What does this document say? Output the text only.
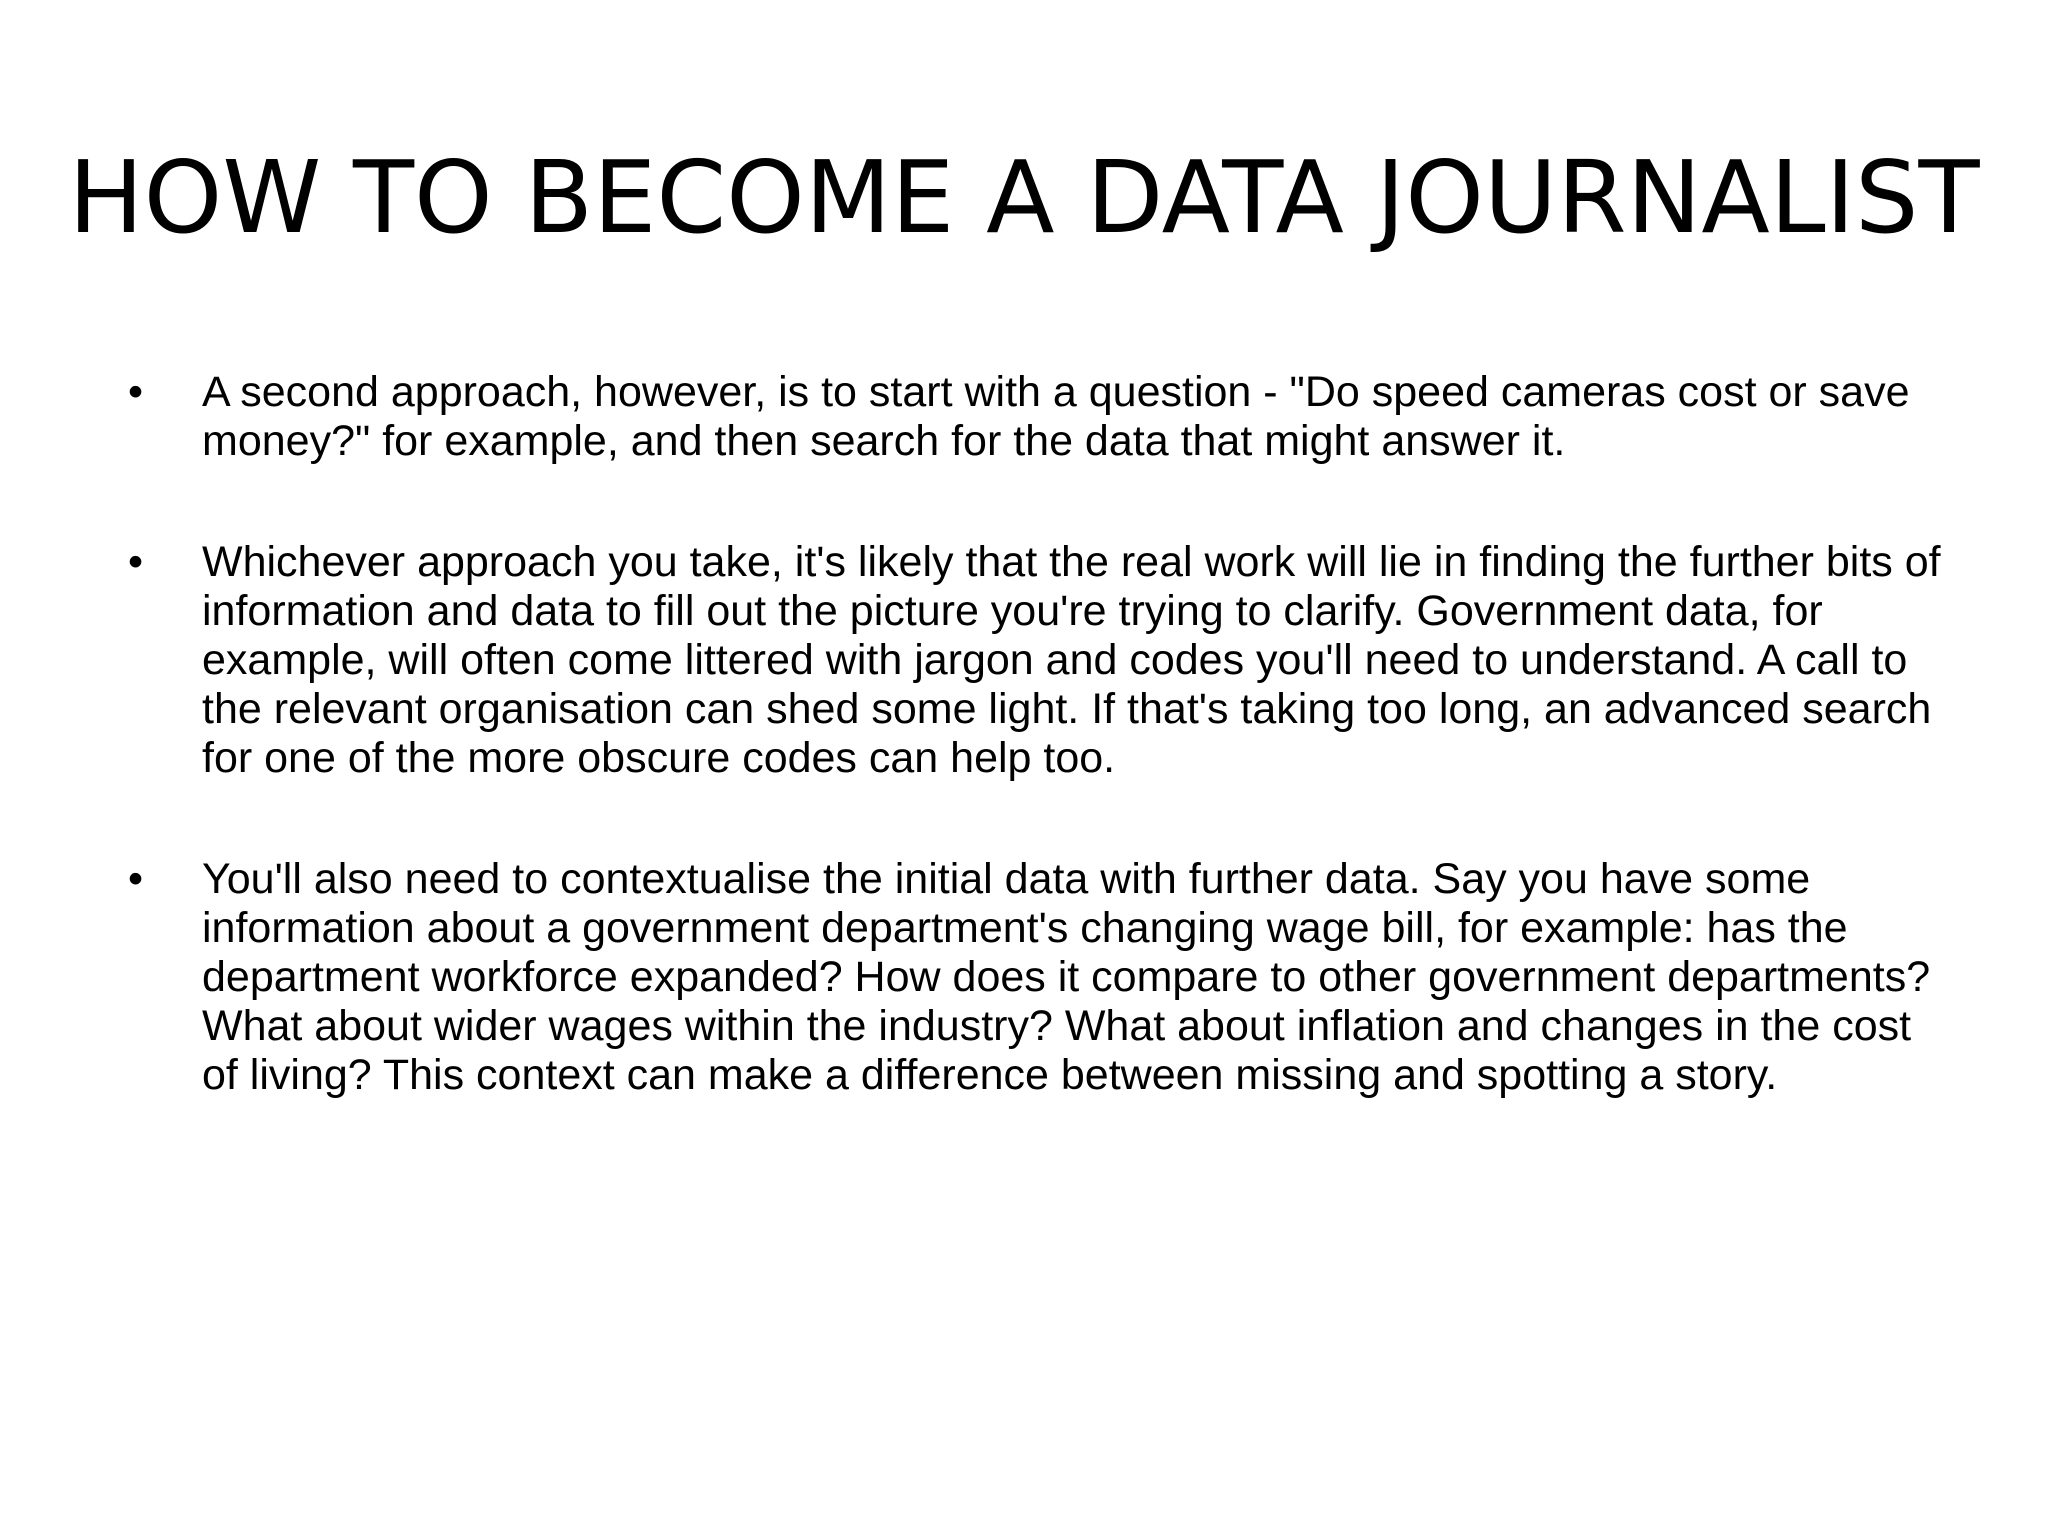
HOW TO BECOME A DATA JOURNALIST
•	A second approach, however, is to start with a question - "Do speed cameras cost or save money?" for example, and then search for the data that might answer it.
•	Whichever approach you take, it's likely that the real work will lie in finding the further bits of information and data to fill out the picture you're trying to clarify. Government data, for example, will often come littered with jargon and codes you'll need to understand. A call to the relevant organisation can shed some light. If that's taking too long, an advanced search for one of the more obscure codes can help too.
•	You'll also need to contextualise the initial data with further data. Say you have some information about a government department's changing wage bill, for example: has the department workforce expanded? How does it compare to other government departments? What about wider wages within the industry? What about inflation and changes in the cost of living? This context can make a difference between missing and spotting a story.
